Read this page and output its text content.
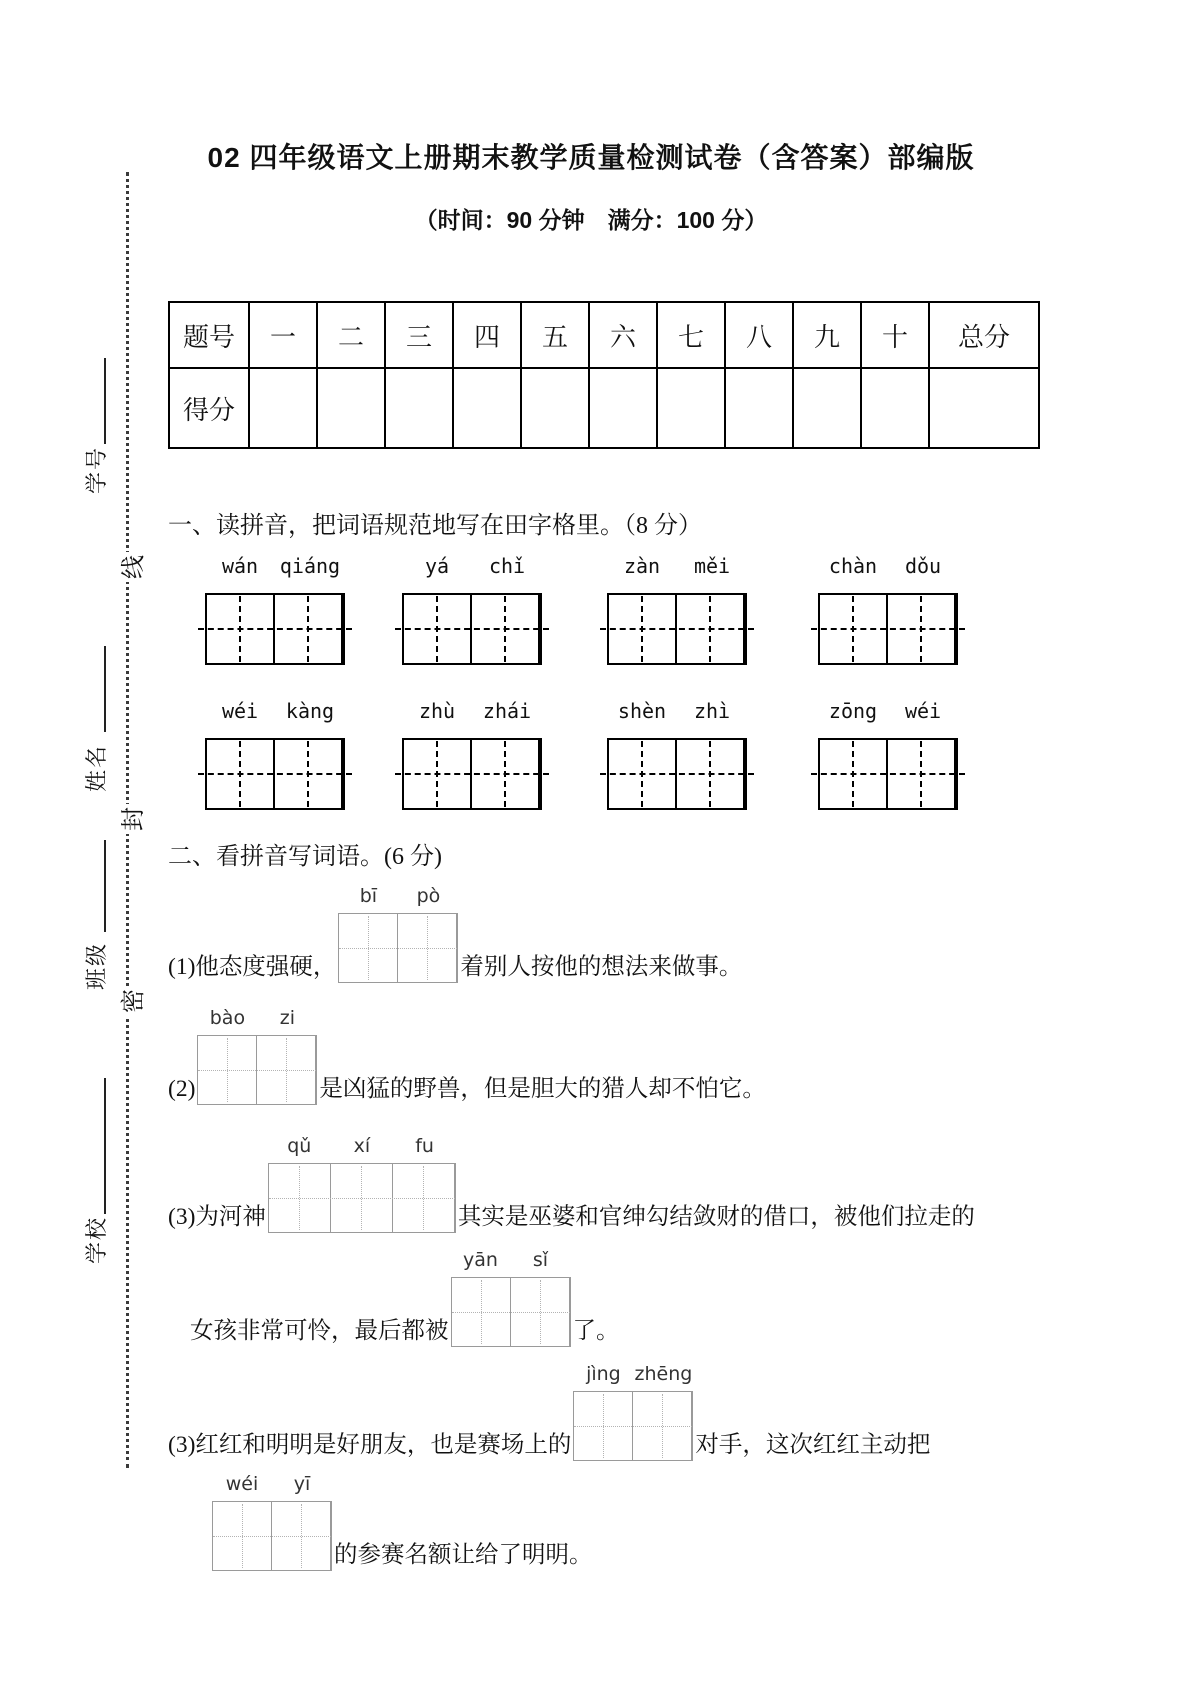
学号
姓名
班级
学校
线
封
密
02 四年级语文上册期末教学质量检测试卷（含答案）部编版
（时间：90 分钟　满分：100 分）
题号	一	二	三	四	五	六	七	八	九	十	总分
得分											
一、读拼音，把词语规范地写在田字格里。（8 分）
wán	qiáng	yá	chǐ	zàn	měi	chàn	dǒu
wéi	kàng	zhù	zhái	shèn	zhì	zōng	wéi
二、看拼音写词语。(6 分)
(1)他态度强硬，
bī	pò
着别人按他的想法来做事。
(2)
bào	zi
是凶猛的野兽，但是胆大的猎人却不怕它。
(3)为河神
qǔ	xí	fu
其实是巫婆和官绅勾结敛财的借口，被他们拉走的
女孩非常可怜，最后都被
yān	sǐ
了。
(3)红红和明明是好朋友，也是赛场上的
jìng zhēng
对手，这次红红主动把
wéi	yī
的参赛名额让给了明明。
